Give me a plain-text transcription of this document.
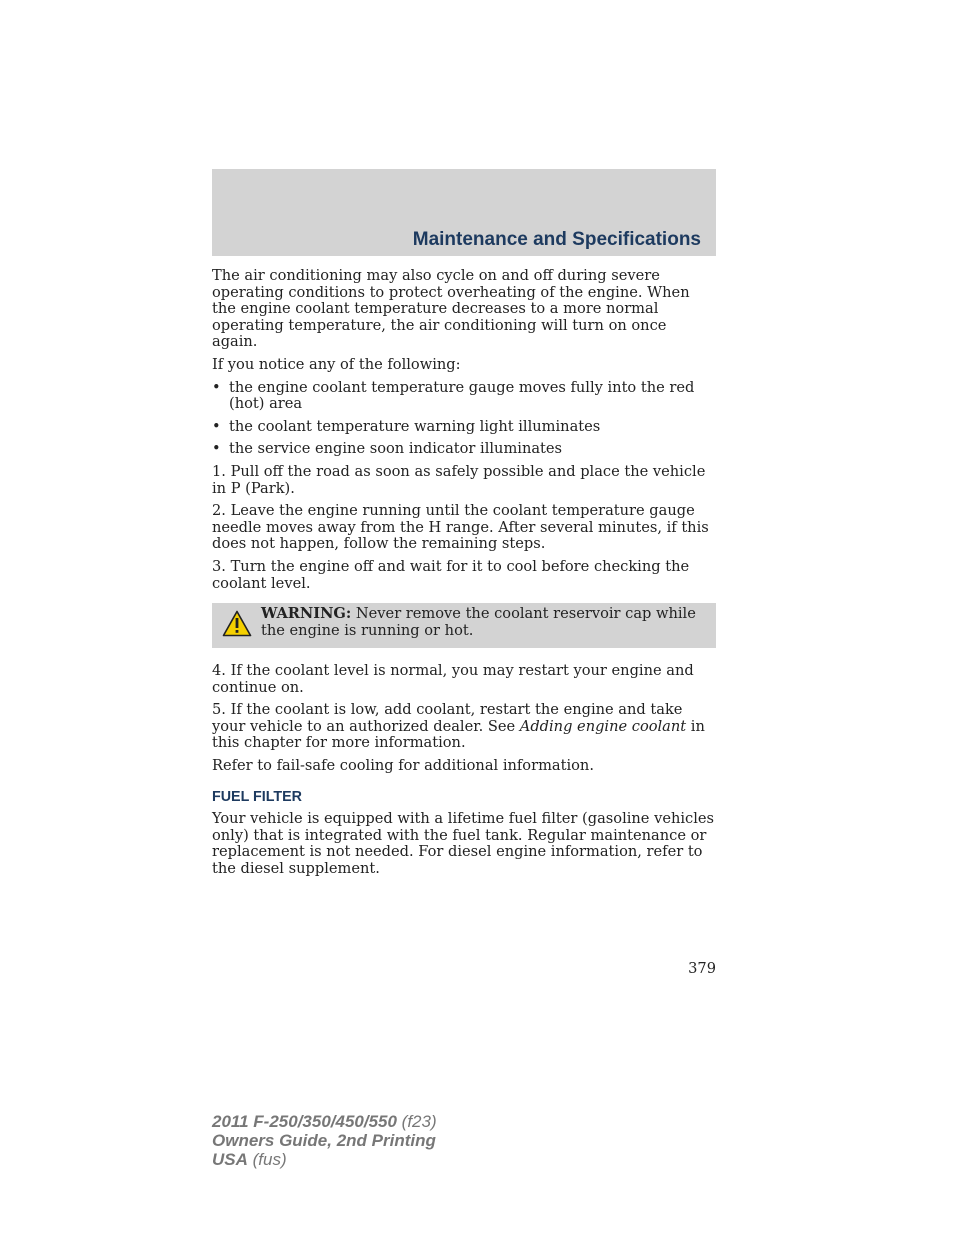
Maintenance and Specifications

The air conditioning may also cycle on and off during severe operating conditions to protect overheating of the engine. When the engine coolant temperature decreases to a more normal operating temperature, the air conditioning will turn on once again.

If you notice any of the following:

• the engine coolant temperature gauge moves fully into the red (hot) area
• the coolant temperature warning light illuminates
• the service engine soon indicator illuminates

1. Pull off the road as soon as safely possible and place the vehicle in P (Park).

2. Leave the engine running until the coolant temperature gauge needle moves away from the H range. After several minutes, if this does not happen, follow the remaining steps.

3. Turn the engine off and wait for it to cool before checking the coolant level.

WARNING: Never remove the coolant reservoir cap while the engine is running or hot.

4. If the coolant level is normal, you may restart your engine and continue on.

5. If the coolant is low, add coolant, restart the engine and take your vehicle to an authorized dealer. See Adding engine coolant in this chapter for more information.

Refer to fail-safe cooling for additional information.

FUEL FILTER

Your vehicle is equipped with a lifetime fuel filter (gasoline vehicles only) that is integrated with the fuel tank. Regular maintenance or replacement is not needed. For diesel engine information, refer to the diesel supplement.

379
2011 F-250/350/450/550 (f23)
Owners Guide, 2nd Printing
USA (fus)
